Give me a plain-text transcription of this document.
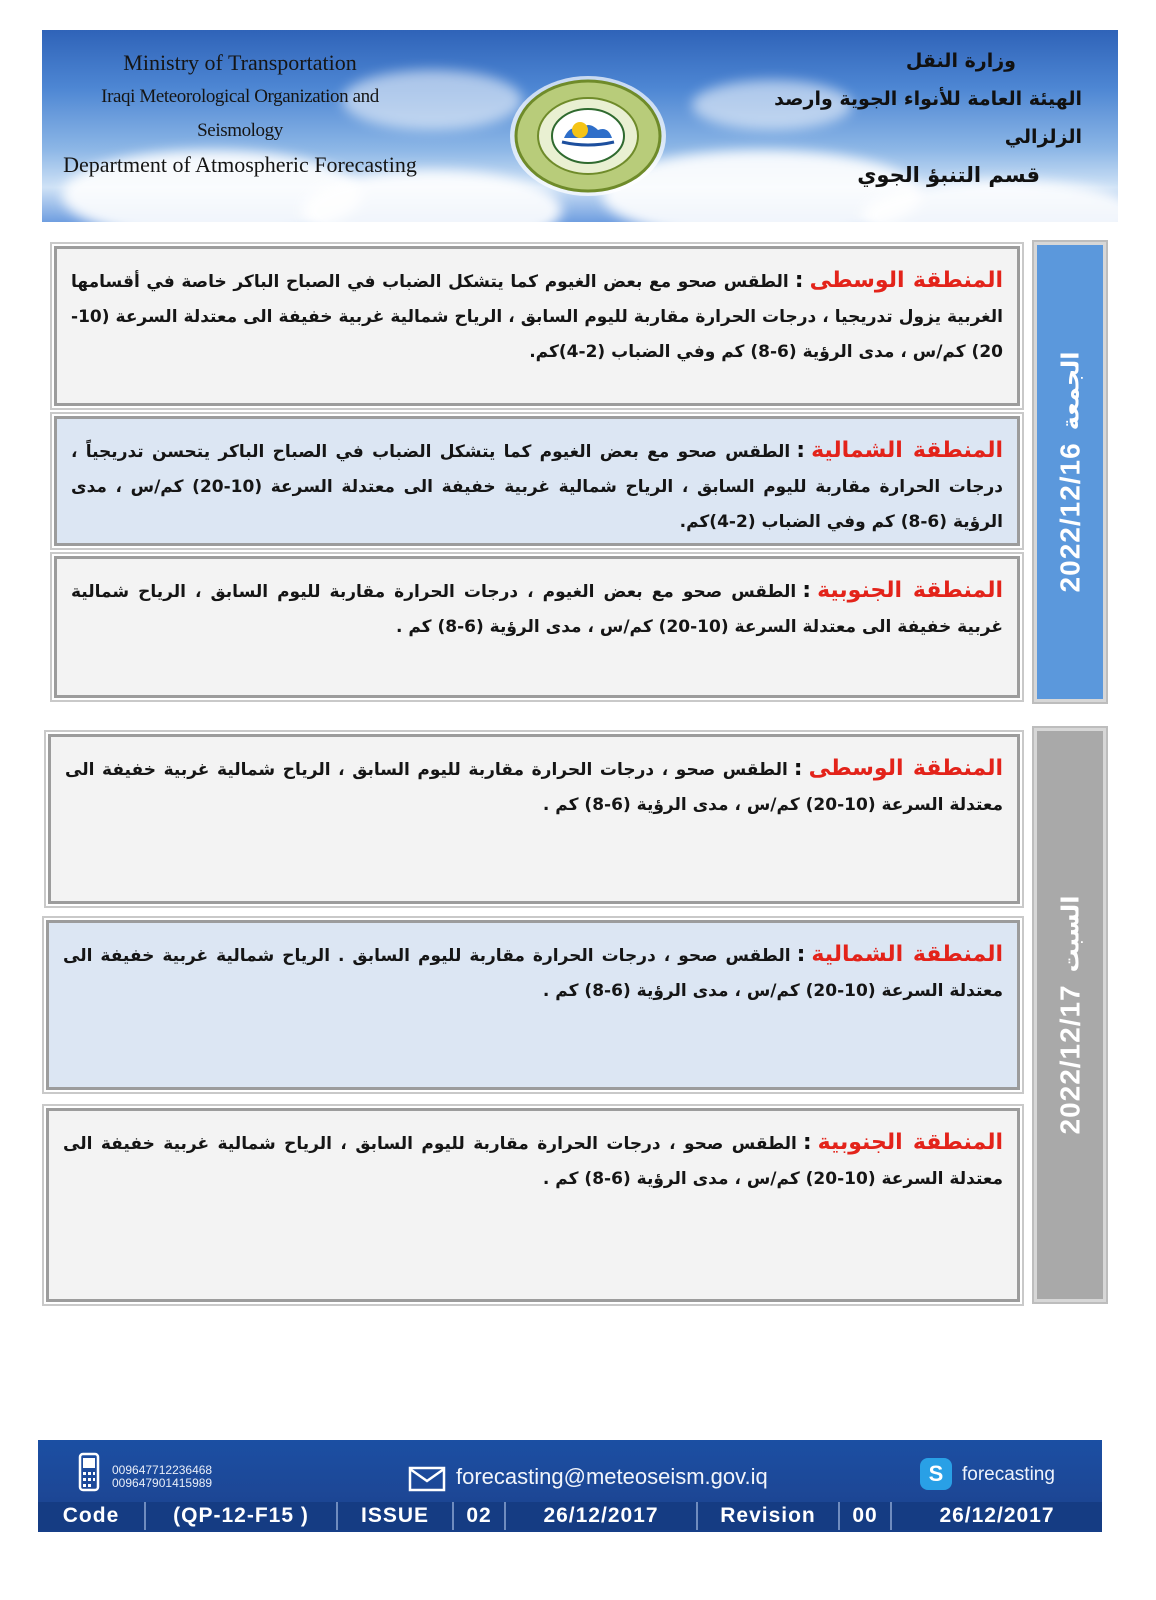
Ministry of Transportation
Iraqi Meteorological Organization and Seismology
Department of Atmospheric Forecasting
وزارة النقل
الهيئة العامة للأنواء الجوية وارصد الزلزالي
قسم التنبؤ الجوي
المنطقة الوسطى:الطقس صحو مع بعض الغيوم كما يتشكل الضباب في الصباح الباكر خاصة في أقسامها الغربية يزول تدريجيا ، درجات الحرارة مقاربة لليوم السابق ، الرياح شمالية غربية خفيفة الى معتدلة السرعة (10-20) كم/س ، مدى الرؤية (6-8) كم وفي الضباب (2-4)كم.
المنطقة الشمالية:الطقس صحو مع بعض الغيوم كما يتشكل الضباب في الصباح الباكر يتحسن تدريجياً ، درجات الحرارة مقاربة لليوم السابق ، الرياح شمالية غربية خفيفة الى معتدلة السرعة (10-20) كم/س ، مدى الرؤية (6-8) كم وفي الضباب (2-4)كم.
المنطقة الجنوبية:الطقس صحو مع بعض الغيوم ، درجات الحرارة مقاربة لليوم السابق ، الرياح شمالية غربية خفيفة الى معتدلة السرعة (10-20) كم/س ، مدى الرؤية (6-8) كم .
2022/12/16
الجمعة
المنطقة الوسطى:الطقس صحو ، درجات الحرارة مقاربة لليوم السابق ، الرياح شمالية غربية خفيفة الى معتدلة السرعة (10-20) كم/س ، مدى الرؤية (6-8) كم .
المنطقة الشمالية:الطقس صحو ، درجات الحرارة مقاربة لليوم السابق . الرياح شمالية غربية خفيفة الى معتدلة السرعة (10-20) كم/س ، مدى الرؤية (6-8) كم .
المنطقة الجنوبية:الطقس صحو ، درجات الحرارة مقاربة لليوم السابق ، الرياح شمالية غربية خفيفة الى معتدلة السرعة (10-20) كم/س ، مدى الرؤية (6-8) كم .
2022/12/17
السبت
009647712236468
009647901415989	forecasting@meteoseism.gov.iq	S forecasting
Code	(QP-12-F15 )	ISSUE	02	26/12/2017	Revision	00	26/12/2017
